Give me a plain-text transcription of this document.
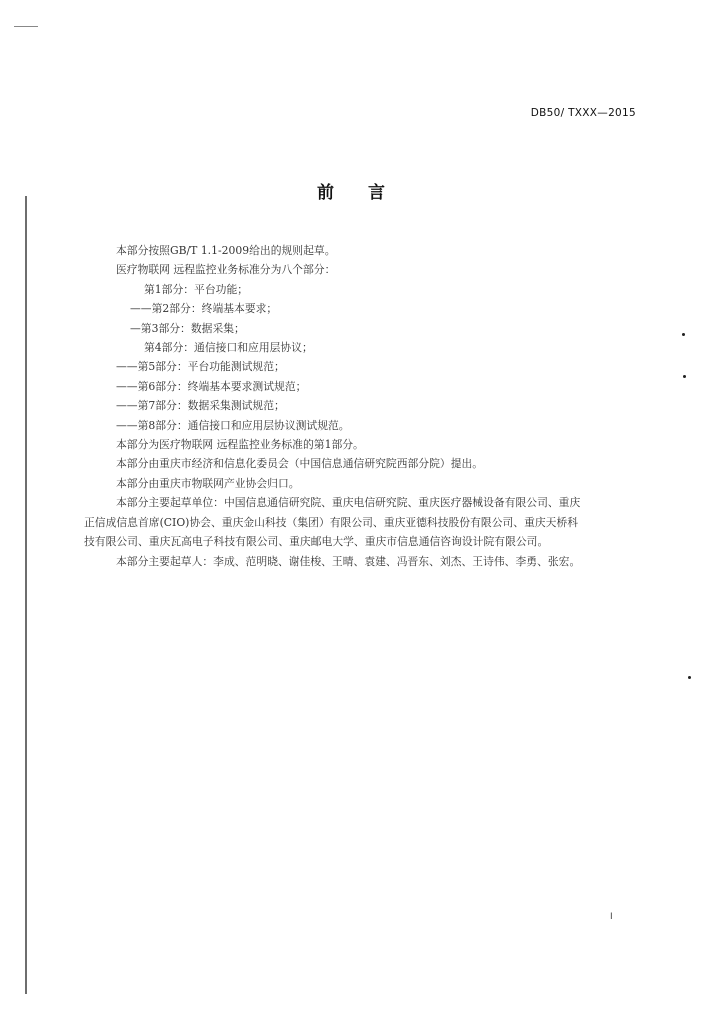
DB50/ TXXX—2015
前言
本部分按照GB/T 1.1-2009给出的规则起草。
医疗物联网 远程监控业务标准分为八个部分：
第1部分：平台功能；
——第2部分：终端基本要求；
—第3部分：数据采集；
第4部分：通信接口和应用层协议；
——第5部分：平台功能测试规范；
——第6部分：终端基本要求测试规范；
——第7部分：数据采集测试规范；
——第8部分：通信接口和应用层协议测试规范。
本部分为医疗物联网 远程监控业务标准的第1部分。
本部分由重庆市经济和信息化委员会（中国信息通信研究院西部分院）提出。
本部分由重庆市物联网产业协会归口。
本部分主要起草单位：中国信息通信研究院、重庆电信研究院、重庆医疗器械设备有限公司、重庆
正信成信息首席(CIO)协会、重庆金山科技（集团）有限公司、重庆亚德科技股份有限公司、重庆天桥科
技有限公司、重庆瓦高电子科技有限公司、重庆邮电大学、重庆市信息通信咨询设计院有限公司。
本部分主要起草人：李成、范明晓、谢佳梭、王晴、袁建、冯晋东、刘杰、王诗伟、李勇、张宏。
I
